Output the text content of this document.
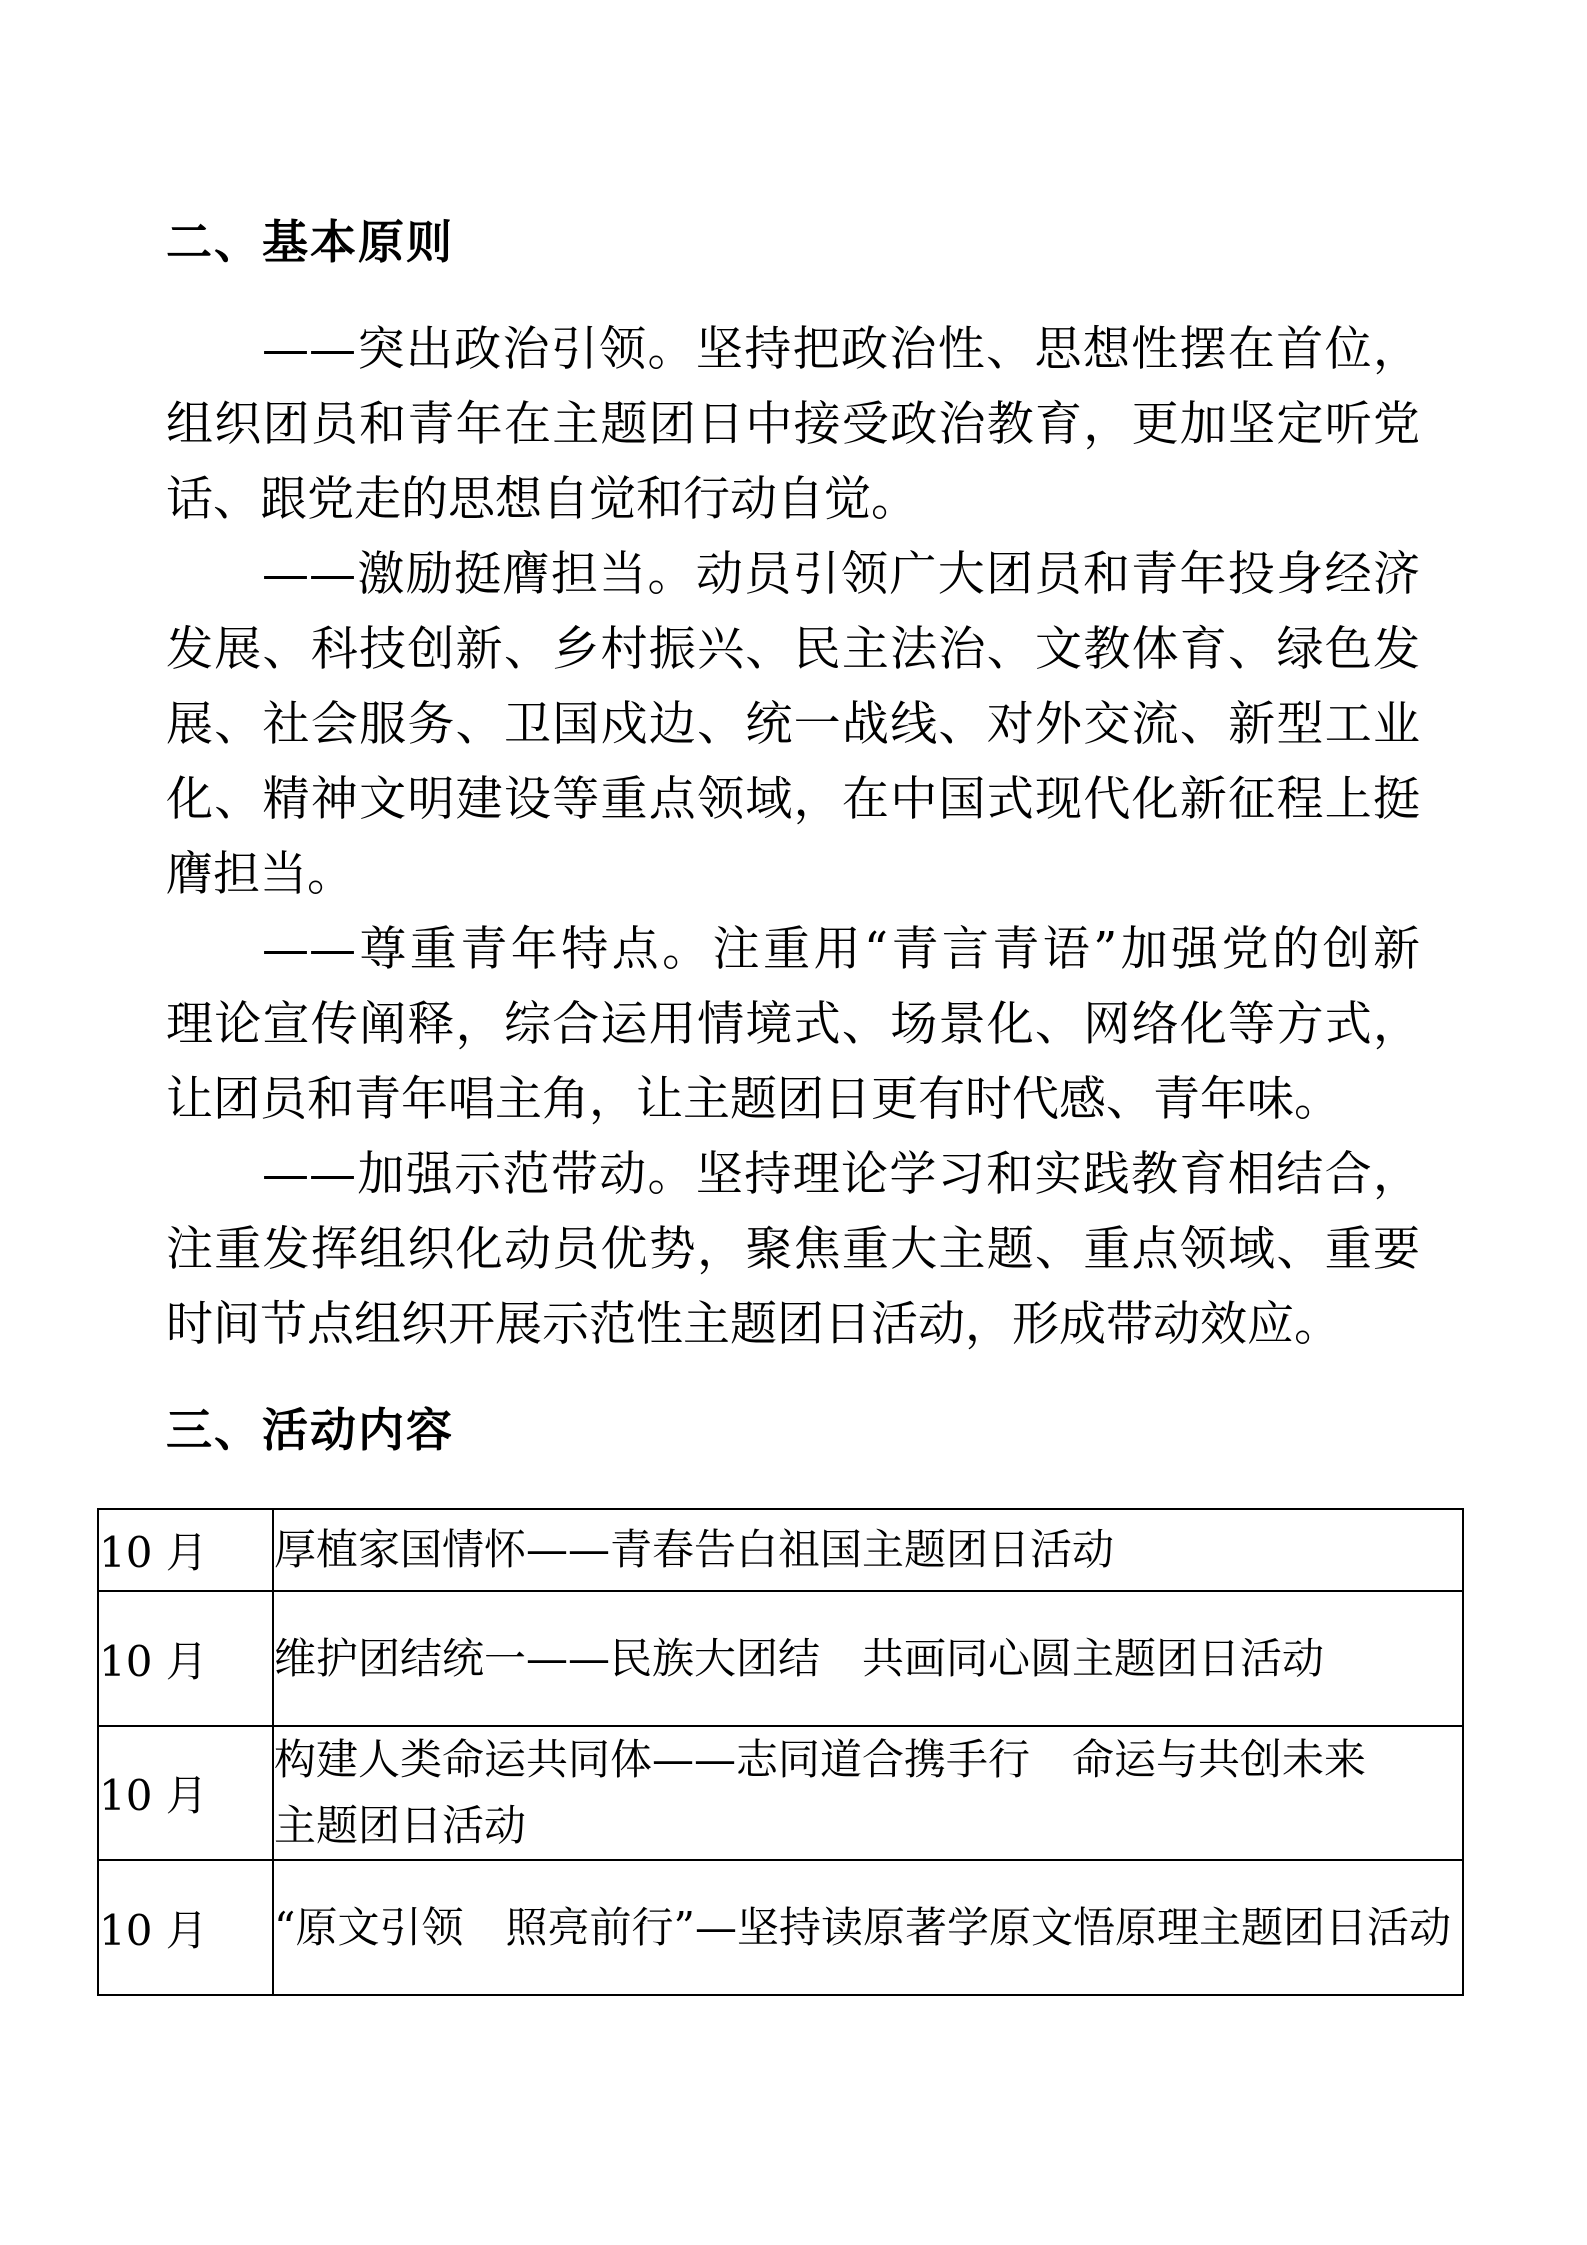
二、基本原则
——突出政治引领。坚持把政治性、思想性摆在首位，
组织团员和青年在主题团日中接受政治教育，更加坚定听党
话、跟党走的思想自觉和行动自觉。
——激励挺膺担当。动员引领广大团员和青年投身经济
发展、科技创新、乡村振兴、民主法治、文教体育、绿色发
展、社会服务、卫国戍边、统一战线、对外交流、新型工业
化、精神文明建设等重点领域，在中国式现代化新征程上挺
膺担当。
——尊重青年特点。注重用“青言青语”加强党的创新
理论宣传阐释，综合运用情境式、场景化、网络化等方式，
让团员和青年唱主角，让主题团日更有时代感、青年味。
——加强示范带动。坚持理论学习和实践教育相结合，
注重发挥组织化动员优势，聚焦重大主题、重点领域、重要
时间节点组织开展示范性主题团日活动，形成带动效应。
三、活动内容
10 月	厚植家国情怀——青春告白祖国主题团日活动

10 月	维护团结统一——民族大团结　共画同心圆主题团日活动

10 月	构建人类命运共同体——志同道合携手行　命运与共创未来
主题团日活动

10 月	“原文引领　照亮前行”—坚持读原著学原文悟原理主题团日活动
